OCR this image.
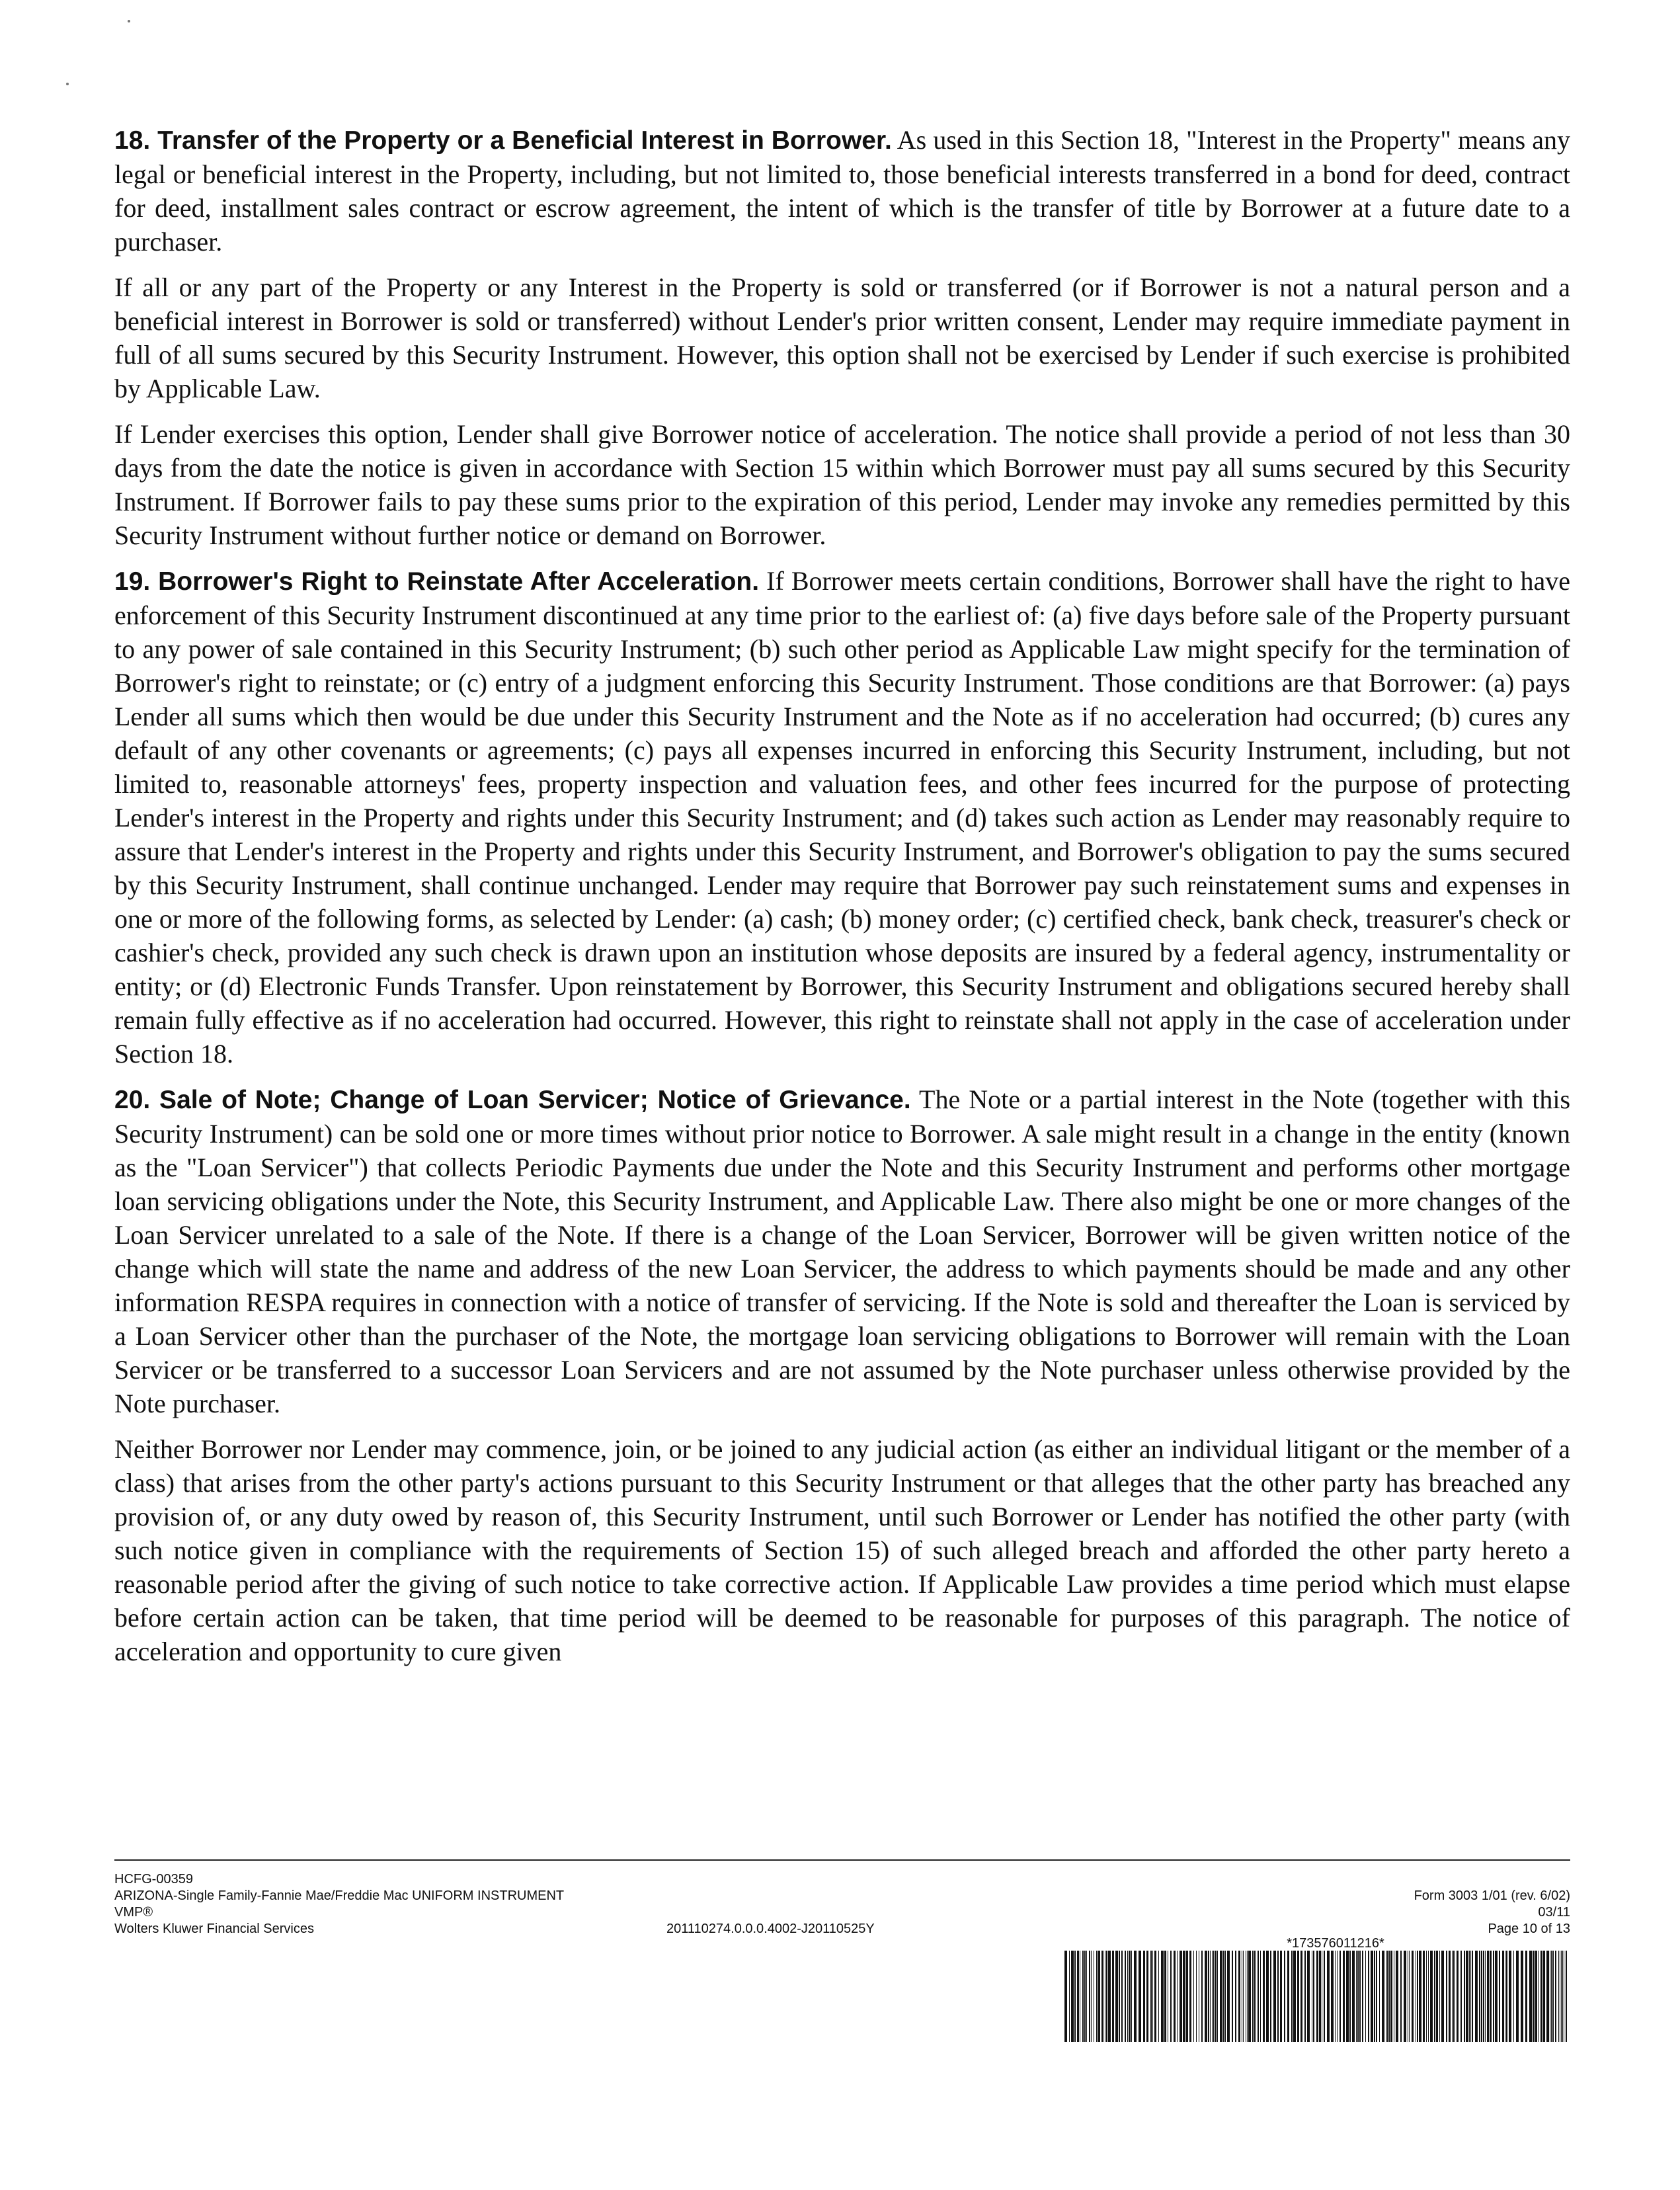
18. Transfer of the Property or a Beneficial Interest in Borrower. As used in this Section 18, "Interest in the Property" means any legal or beneficial interest in the Property, including, but not limited to, those beneficial interests transferred in a bond for deed, contract for deed, installment sales contract or escrow agreement, the intent of which is the transfer of title by Borrower at a future date to a purchaser.

If all or any part of the Property or any Interest in the Property is sold or transferred (or if Borrower is not a natural person and a beneficial interest in Borrower is sold or transferred) without Lender's prior written consent, Lender may require immediate payment in full of all sums secured by this Security Instrument. However, this option shall not be exercised by Lender if such exercise is prohibited by Applicable Law.

If Lender exercises this option, Lender shall give Borrower notice of acceleration. The notice shall provide a period of not less than 30 days from the date the notice is given in accordance with Section 15 within which Borrower must pay all sums secured by this Security Instrument. If Borrower fails to pay these sums prior to the expiration of this period, Lender may invoke any remedies permitted by this Security Instrument without further notice or demand on Borrower.

19. Borrower's Right to Reinstate After Acceleration. If Borrower meets certain conditions, Borrower shall have the right to have enforcement of this Security Instrument discontinued at any time prior to the earliest of: (a) five days before sale of the Property pursuant to any power of sale contained in this Security Instrument; (b) such other period as Applicable Law might specify for the termination of Borrower's right to reinstate; or (c) entry of a judgment enforcing this Security Instrument. Those conditions are that Borrower: (a) pays Lender all sums which then would be due under this Security Instrument and the Note as if no acceleration had occurred; (b) cures any default of any other covenants or agreements; (c) pays all expenses incurred in enforcing this Security Instrument, including, but not limited to, reasonable attorneys' fees, property inspection and valuation fees, and other fees incurred for the purpose of protecting Lender's interest in the Property and rights under this Security Instrument; and (d) takes such action as Lender may reasonably require to assure that Lender's interest in the Property and rights under this Security Instrument, and Borrower's obligation to pay the sums secured by this Security Instrument, shall continue unchanged. Lender may require that Borrower pay such reinstatement sums and expenses in one or more of the following forms, as selected by Lender: (a) cash; (b) money order; (c) certified check, bank check, treasurer's check or cashier's check, provided any such check is drawn upon an institution whose deposits are insured by a federal agency, instrumentality or entity; or (d) Electronic Funds Transfer. Upon reinstatement by Borrower, this Security Instrument and obligations secured hereby shall remain fully effective as if no acceleration had occurred. However, this right to reinstate shall not apply in the case of acceleration under Section 18.

20. Sale of Note; Change of Loan Servicer; Notice of Grievance. The Note or a partial interest in the Note (together with this Security Instrument) can be sold one or more times without prior notice to Borrower. A sale might result in a change in the entity (known as the "Loan Servicer") that collects Periodic Payments due under the Note and this Security Instrument and performs other mortgage loan servicing obligations under the Note, this Security Instrument, and Applicable Law. There also might be one or more changes of the Loan Servicer unrelated to a sale of the Note. If there is a change of the Loan Servicer, Borrower will be given written notice of the change which will state the name and address of the new Loan Servicer, the address to which payments should be made and any other information RESPA requires in connection with a notice of transfer of servicing. If the Note is sold and thereafter the Loan is serviced by a Loan Servicer other than the purchaser of the Note, the mortgage loan servicing obligations to Borrower will remain with the Loan Servicer or be transferred to a successor Loan Servicers and are not assumed by the Note purchaser unless otherwise provided by the Note purchaser.

Neither Borrower nor Lender may commence, join, or be joined to any judicial action (as either an individual litigant or the member of a class) that arises from the other party's actions pursuant to this Security Instrument or that alleges that the other party has breached any provision of, or any duty owed by reason of, this Security Instrument, until such Borrower or Lender has notified the other party (with such notice given in compliance with the requirements of Section 15) of such alleged breach and afforded the other party hereto a reasonable period after the giving of such notice to take corrective action. If Applicable Law provides a time period which must elapse before certain action can be taken, that time period will be deemed to be reasonable for purposes of this paragraph. The notice of acceleration and opportunity to cure given

HCFG-00359
ARIZONA-Single Family-Fannie Mae/Freddie Mac UNIFORM INSTRUMENT
VMP®
Wolters Kluwer Financial Services	201110274.0.0.0.4002-J20110525Y
Form 3003 1/01 (rev. 6/02)
03/11
Page 10 of 13
*173576011216*
